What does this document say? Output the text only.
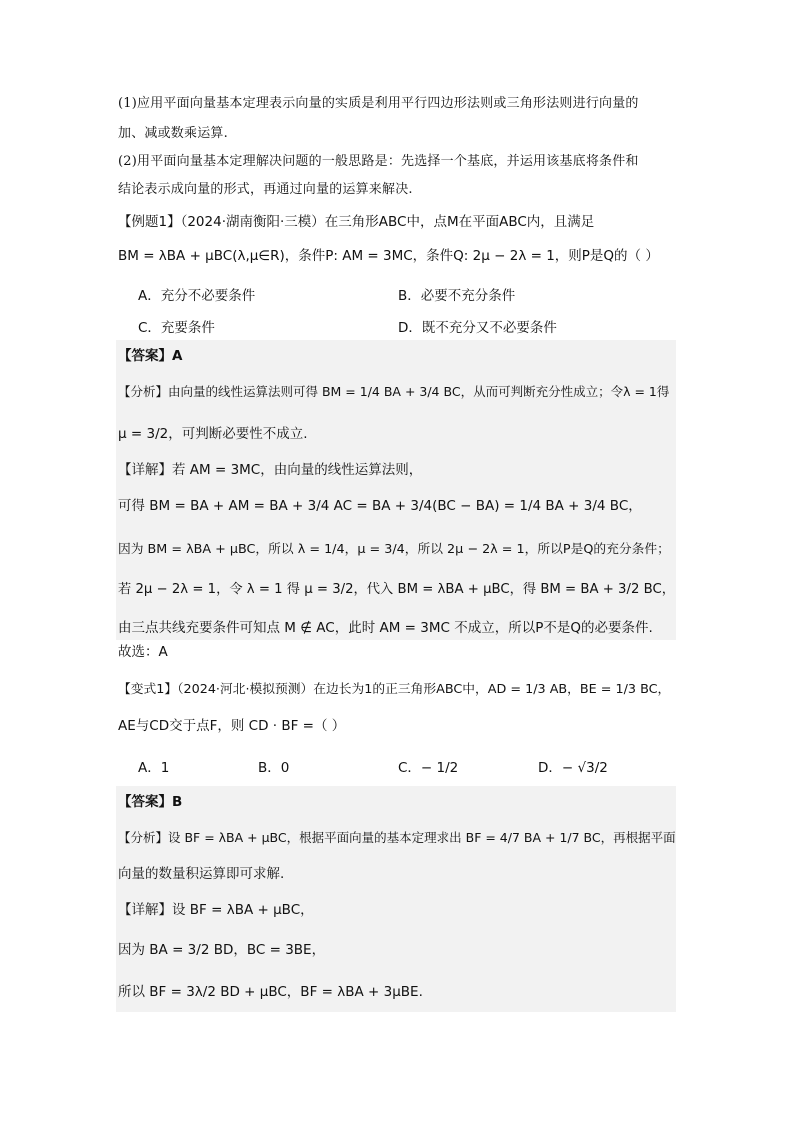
(1)应用平面向量基本定理表示向量的实质是利用平行四边形法则或三角形法则进行向量的
加、减或数乘运算.
(2)用平面向量基本定理解决问题的一般思路是：先选择一个基底，并运用该基底将条件和
结论表示成向量的形式，再通过向量的运算来解决.
【例题1】（2024·湖南衡阳·三模）在三角形ABC中，点M在平面ABC内，且满足
BM = λBA + μBC(λ,μ∈R)，条件P: AM = 3MC，条件Q: 2μ − 2λ = 1，则P是Q的（ ）
A．充分不必要条件	B．必要不充分条件
C．充要条件	D．既不充分又不必要条件
【答案】A
【分析】由向量的线性运算法则可得 BM = 1/4 BA + 3/4 BC，从而可判断充分性成立；令λ = 1得
μ = 3/2，可判断必要性不成立.
【详解】若 AM = 3MC，由向量的线性运算法则，
可得 BM = BA + AM = BA + 3/4 AC = BA + 3/4(BC − BA) = 1/4 BA + 3/4 BC，
因为 BM = λBA + μBC，所以 λ = 1/4，μ = 3/4，所以 2μ − 2λ = 1，所以P是Q的充分条件；
若 2μ − 2λ = 1，令 λ = 1 得 μ = 3/2，代入 BM = λBA + μBC，得 BM = BA + 3/2 BC，
由三点共线充要条件可知点 M ∉ AC，此时 AM = 3MC 不成立，所以P不是Q的必要条件.
故选：A
【变式1】（2024·河北·模拟预测）在边长为1的正三角形ABC中，AD = 1/3 AB，BE = 1/3 BC，
AE与CD交于点F，则 CD · BF =（ ）
A．1	B．0	C．− 1/2	D．− √3/2
【答案】B
【分析】设 BF = λBA + μBC，根据平面向量的基本定理求出 BF = 4/7 BA + 1/7 BC，再根据平面
向量的数量积运算即可求解.
【详解】设 BF = λBA + μBC，
因为 BA = 3/2 BD，BC = 3BE，
所以 BF = 3λ/2 BD + μBC，BF = λBA + 3μBE.
